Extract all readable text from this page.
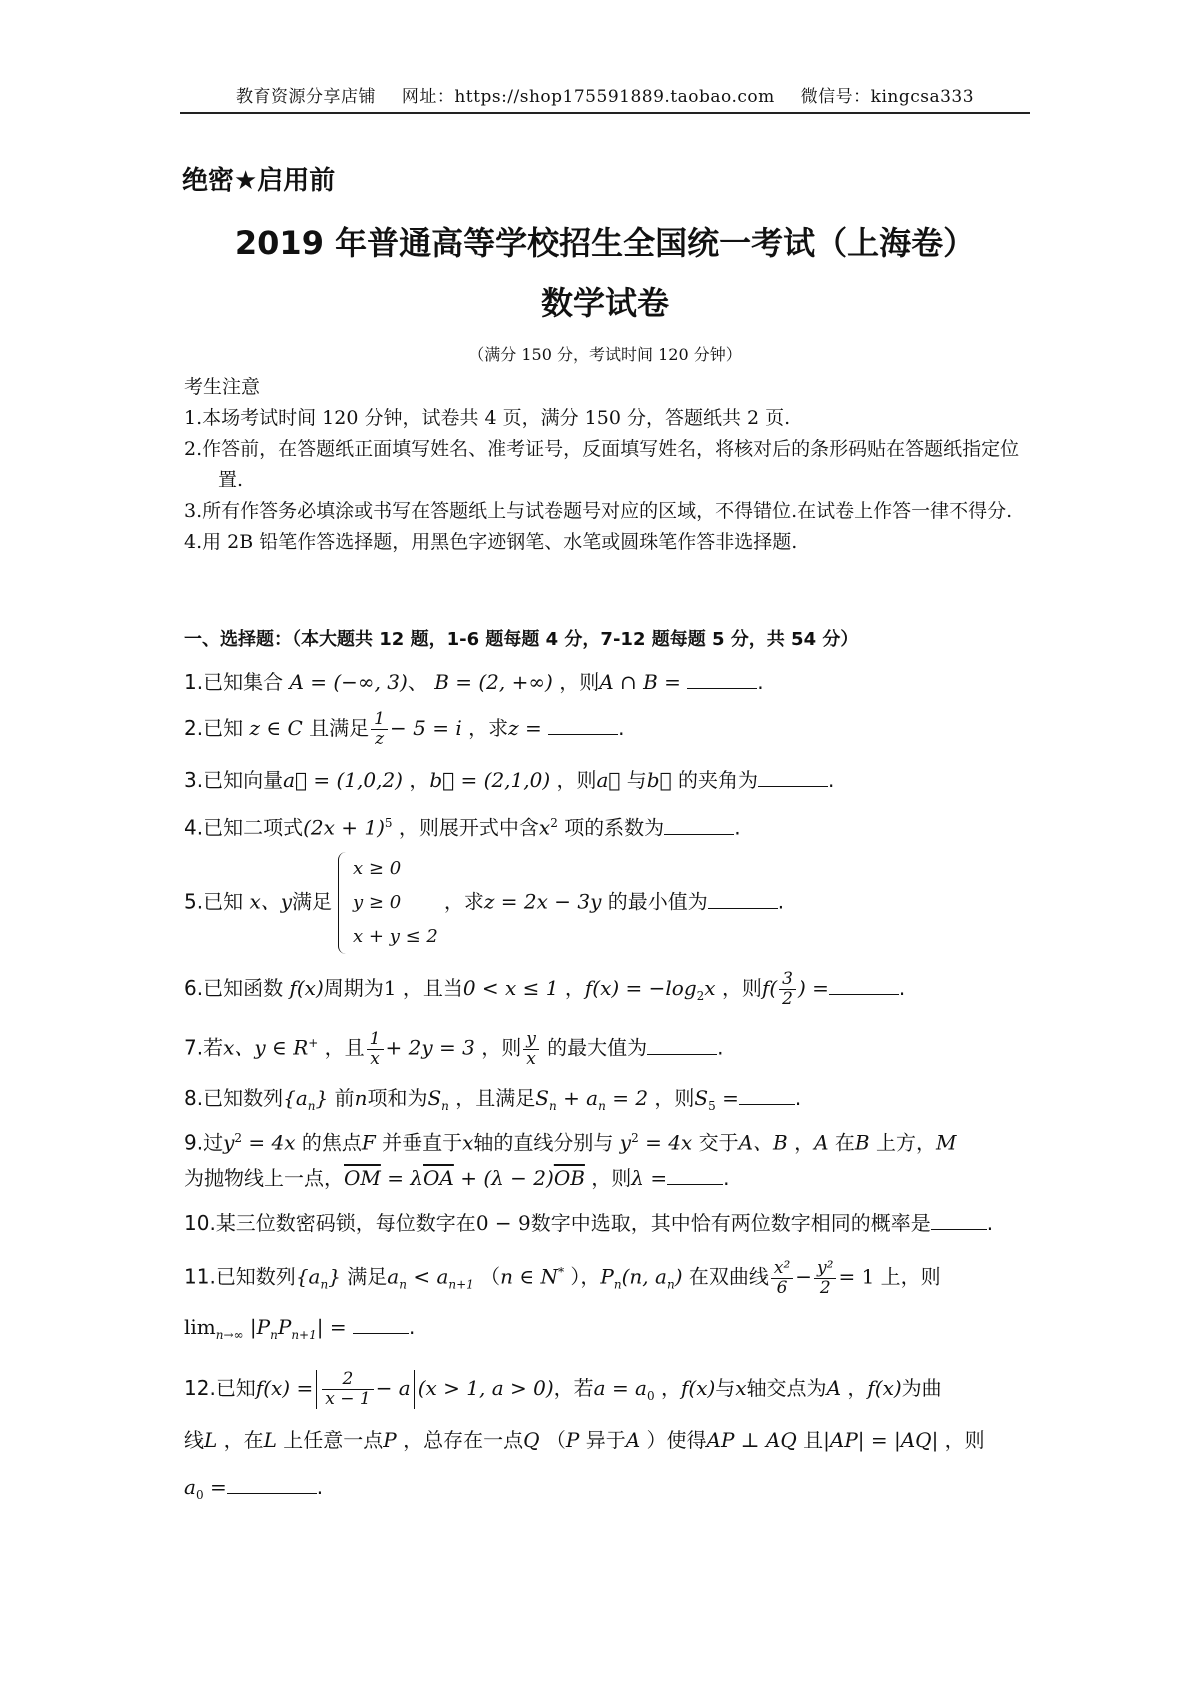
教育资源分享店铺 网址：https://shop175591889.taobao.com 微信号：kingcsa333
绝密★启用前
2019 年普通高等学校招生全国统一考试（上海卷）
数学试卷
（满分 150 分，考试时间 120 分钟）

考生注意

1.本场考试时间 120 分钟，试卷共 4 页，满分 150 分，答题纸共 2 页.

2.作答前，在答题纸正面填写姓名、准考证号，反面填写姓名，将核对后的条形码贴在答题纸指定位置.

3.所有作答务必填涂或书写在答题纸上与试卷题号对应的区域，不得错位.在试卷上作答一律不得分.

4.用 2B 铅笔作答选择题，用黑色字迹钢笔、水笔或圆珠笔作答非选择题.

一、选择题：（本大题共 12 题，1-6 题每题 4 分，7-12 题每题 5 分，共 54 分）
1.已知集合 A = (−∞, 3)、 B = (2, +∞) ，则A ∩ B =	.
2.已知 z ∈ C 且满足 $\frac{1}{z} - 5 = i$ ，求z =	.
3.已知向量a⃗ = (1,0,2) ，b⃗ = (2,1,0) ，则a⃗ 与b⃗ 的夹角为	.
4.已知二项式$(2x + 1)^5$ ，则展开式中含$x^2$ 项的系数为	.
5.已知 x、y满足
x ≥ 0
y ≥ 0
x + y ≤ 2
，求z = 2x − 3y 的最小值为	.
6.已知函数 f(x)周期为1 ，且当0 < x ≤ 1 ，$f(x) = -\log_2x$ ，则$f( \frac{3}{2}$ ) =	.
7.若x、y ∈ R+ ，且 $\frac{1}{x} + 2y = 3$ ，则 $\frac{y}{x}$ 的最大值为	.
8.已知数列$\{a_n\}$ 前n项和为$S_n$ ，且满足$S_n + a_n = 2$ ，则$S_5$ =	.
9.过$y^2 = 4x$ 的焦点F 并垂直于x轴的直线分别与 $y^2 = 4x$ 交于A、B ，A 在B 上方，M
为抛物线上一点，$\overline{OM} = \lambda\overline{OA} + (\lambda - 2)\overline{OB}$ ，则λ =	.
10.某三位数密码锁，每位数字在0 − 9数字中选取，其中恰有两位数字相同的概率是	.
11.已知数列$\{a_n\}$ 满足$a_n < a_{n+1}$ （n ∈ N* ），$P_n(n$, $a_n$) 在双曲线 $\frac{\text{x²}}{6} - \frac{\text{y²}}{2} = 1$ 上，则
$\lim_{n\to\infty} |P_nP_{n+1}|$ =	.
12.已知$f(x) = \frac{2}{x - 1} - a$ (x > 1, a > 0)，若$a = a_0$ ，f(x)与x轴交点为A ，f(x)为曲
线L ，在L 上任意一点P ，总存在一点Q （P 异于A ）使得AP ⊥ AQ 且|AP| = |AQ| ，则
$a_0$ =	.
